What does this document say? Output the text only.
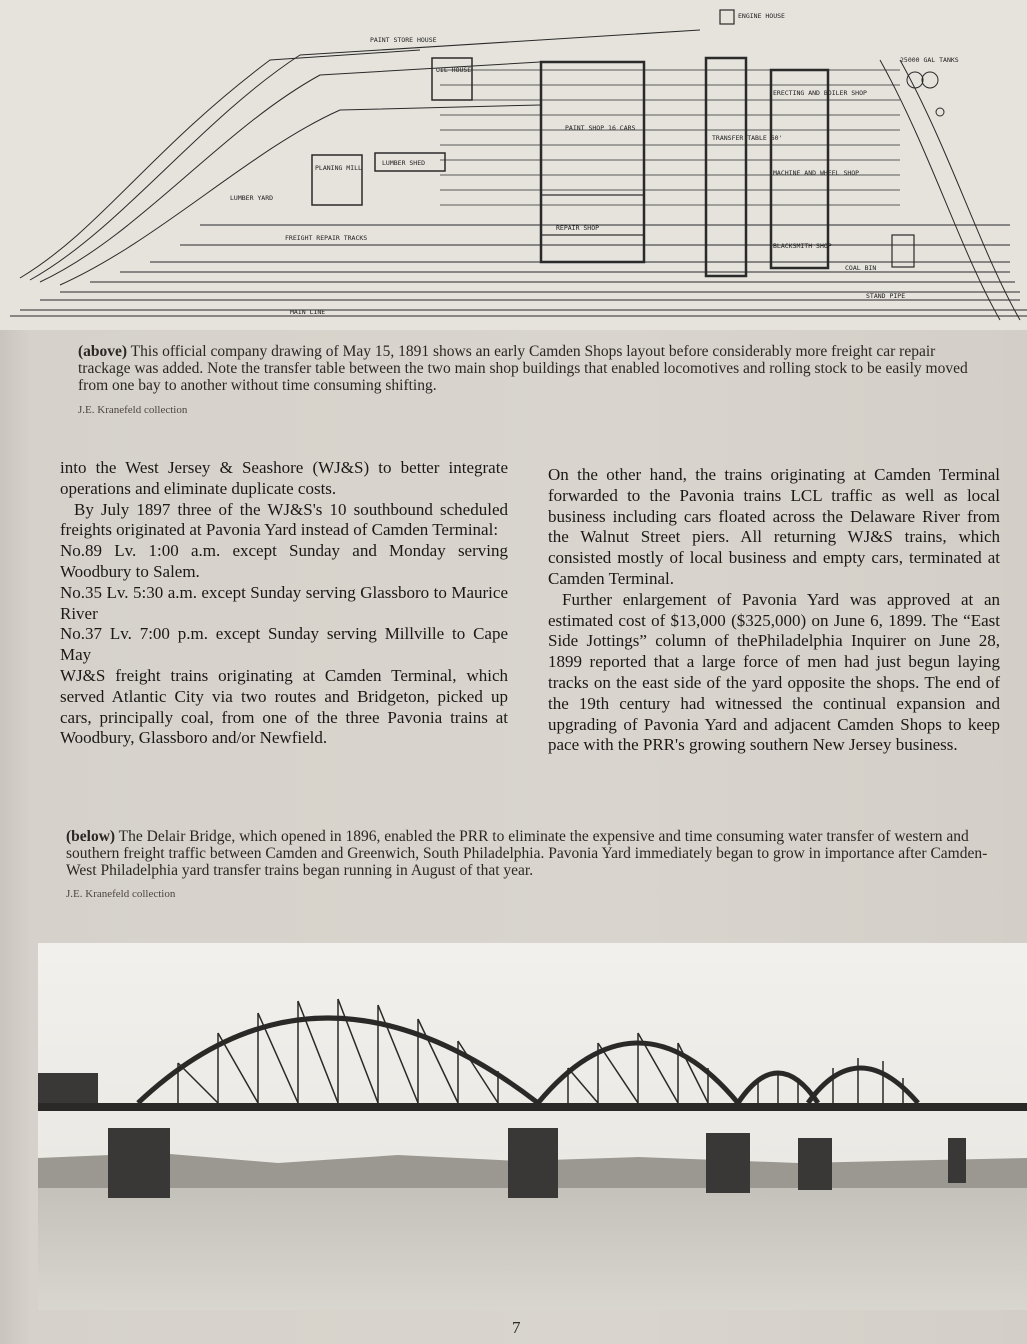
PAINT STORE HOUSE
OIL HOUSE
PAINT SHOP 16 CARS
TRANSFER TABLE 60'
ERECTING AND BOILER SHOP
MACHINE AND WHEEL SHOP
BLACKSMITH SHOP
PLANING MILL
LUMBER SHED
LUMBER YARD
FREIGHT REPAIR TRACKS
REPAIR SHOP
MAIN LINE
25000 GAL TANKS
COAL BIN
ENGINE HOUSE
STAND PIPE
(above) This official company drawing of May 15, 1891 shows an early Camden Shops layout before considerably more freight car repair trackage was added. Note the transfer table between the two main shop buildings that enabled locomotives and rolling stock to be easily moved from one bay to another without time consuming shifting.
J.E. Kranefeld collection

into the West Jersey & Seashore (WJ&S) to better integrate operations and eliminate duplicate costs.

By July 1897 three of the WJ&S's 10 southbound scheduled freights originated at Pavonia Yard instead of Camden Terminal:

No.89 Lv. 1:00 a.m. except Sunday and Monday serving Woodbury to Salem.

No.35 Lv. 5:30 a.m. except Sunday serving Glassboro to Maurice River

No.37 Lv. 7:00 p.m. except Sunday serving Millville to Cape May

WJ&S freight trains originating at Camden Terminal, which served Atlantic City via two routes and Bridgeton, picked up cars, principally coal, from one of the three Pavonia trains at Woodbury, Glassboro and/or Newfield.

On the other hand, the trains originating at Camden Terminal forwarded to the Pavonia trains LCL traffic as well as local business including cars floated across the Delaware River from the Walnut Street piers. All returning WJ&S trains, which consisted mostly of local business and empty cars, terminated at Camden Terminal.

Further enlargement of Pavonia Yard was approved at an estimated cost of $13,000 ($325,000) on June 6, 1899. The “East Side Jottings” column of thePhiladelphia Inquirer on June 28, 1899 reported that a large force of men had just begun laying tracks on the east side of the yard opposite the shops. The end of the 19th century had witnessed the continual expansion and upgrading of Pavonia Yard and adjacent Camden Shops to keep pace with the PRR's growing southern New Jersey business.

(below) The Delair Bridge, which opened in 1896, enabled the PRR to eliminate the expensive and time consuming water transfer of western and southern freight traffic between Camden and Greenwich, South Philadelphia. Pavonia Yard immediately began to grow in importance after Camden-West Philadelphia yard transfer trains began running in August of that year.
J.E. Kranefeld collection
7
